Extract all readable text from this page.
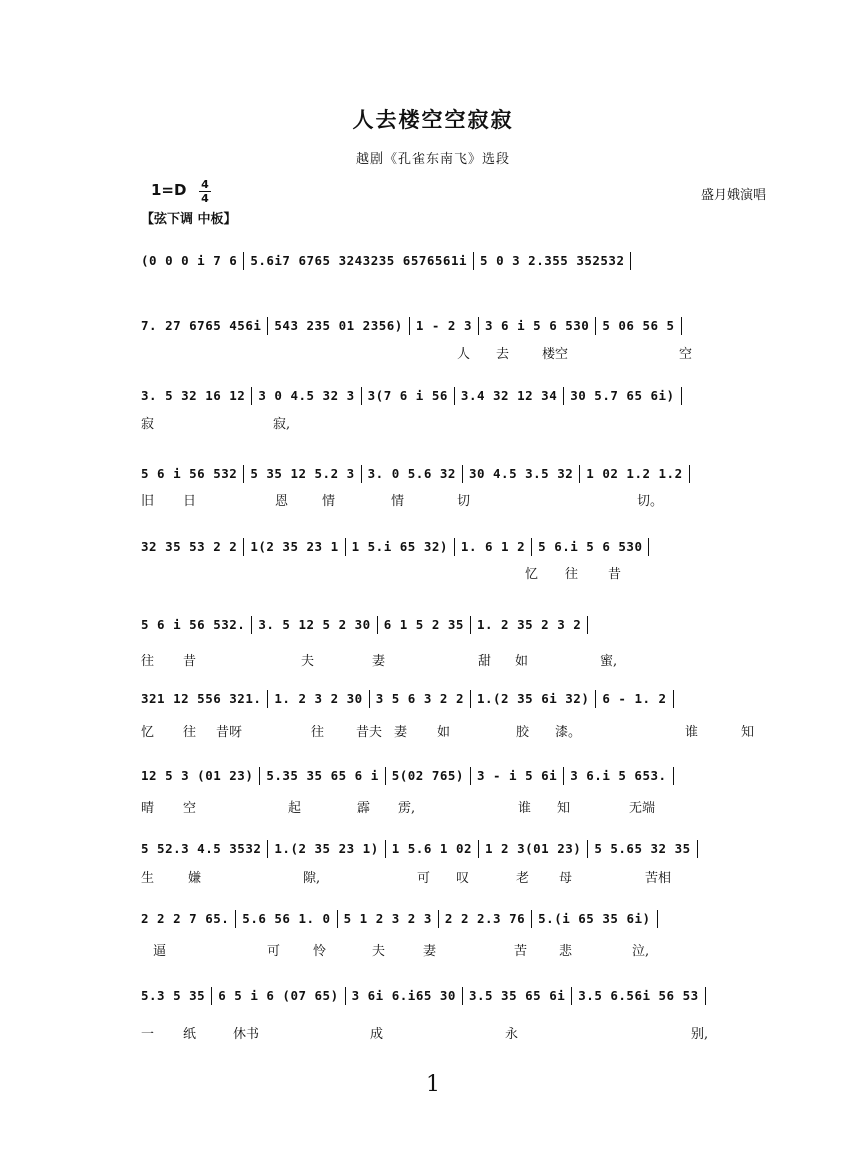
人去楼空空寂寂
越剧《孔雀东南飞》选段
1=D 4
4	盛月娥演唱
【弦下调 中板】
(0 0 0 i 7 6 5.6i7 6765 3243235 6576561i 5 0 3 2.355 352532
7. 27 6765 456i 543 235 01 2356) 1 - 2 3 3 6 i 5 6 530 5 06 56 5
人 去	楼空	空
3. 5 32 16 12 3 0 4.5 32 3 3(7 6 i 56 3.4 32 12 34 30 5.7 65 6i)
寂	寂,
5 6 i 56 532 5 35 12 5.2 3 3. 0 5.6 32 30 4.5 3.5 32 1 02 1.2 1.2
旧 日	恩	情	情	切	切。
32 35 53 2 2 1(2 35 23 1 1 5.i 65 32) 1. 6 1 2 5 6.i 5 6 530
忆 往 昔
5 6 i 56 532. 3. 5 12 5 2 30 6 1 5 2 35 1. 2 35 2 3 2
往 昔	夫	妻	甜 如	蜜,
321 12 556 321. 1. 2 3 2 30 3 5 6 3 2 2 1.(2 35 6i 32) 6 - 1. 2
忆 往 昔呀	往 昔夫 妻 如	胶 漆。	谁	知
12 5 3 (01 23) 5.35 35 65 6 i 5(02 765) 3 - i 5 6i 3 6.i 5 653.
晴 空	起	霹 雳,	谁 知	无端
5 52.3 4.5 3532 1.(2 35 23 1) 1 5.6 1 02 1 2 3(01 23) 5 5.65 32 35
生	嫌	隙,	可 叹	老 母	苦相
2 2 2 7 65. 5.6 56 1. 0 5 1 2 3 2 3 2 2 2.3 76 5.(i 65 35 6i)
逼	可	怜	夫	妻	苦 悲	泣,
5.3 5 35 6 5 i 6 (07 65) 3 6i 6.i65 30 3.5 35 65 6i 3.5 6.56i 56 53
一 纸	休书	成	永	别,
1
